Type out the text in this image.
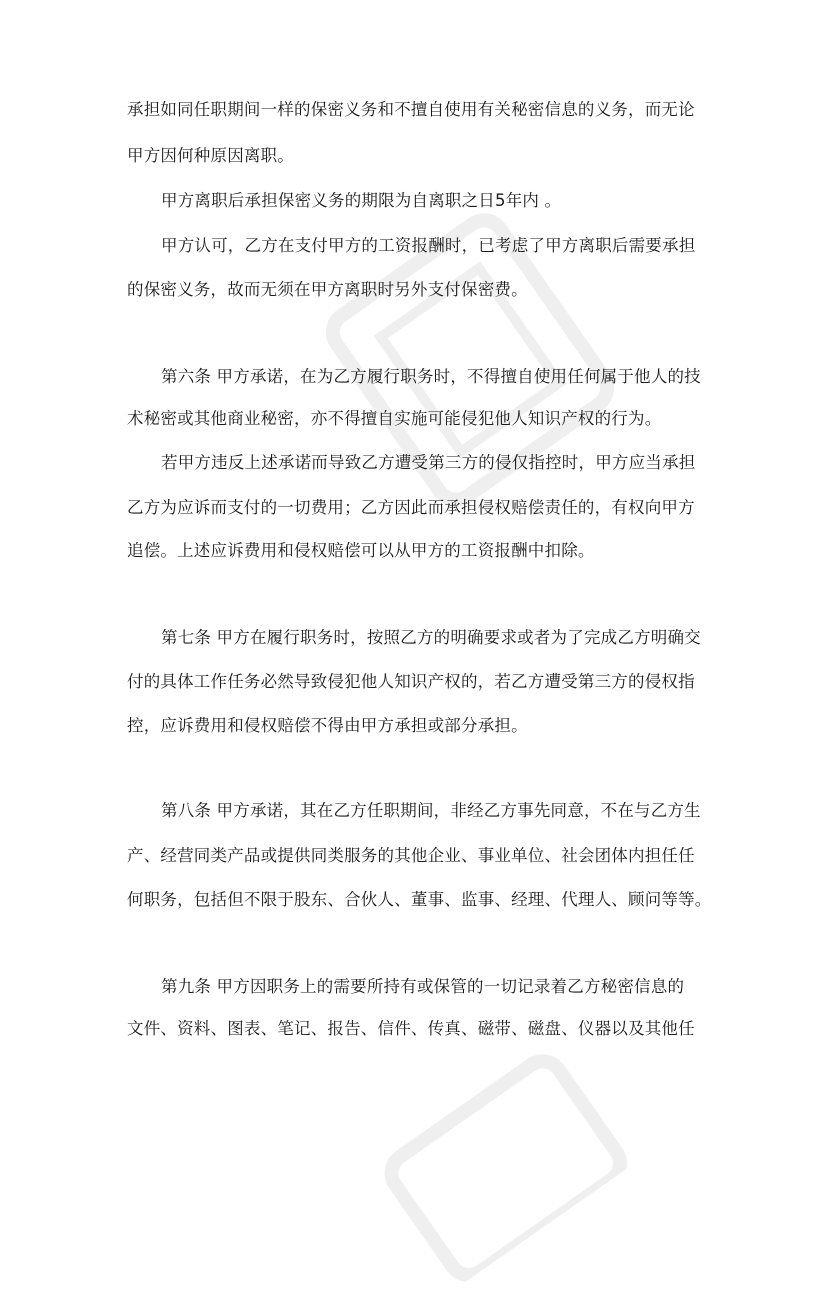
承担如同任职期间一样的保密义务和不擅自使用有关秘密信息的义务，而无论
甲方因何种原因离职。
甲方离职后承担保密义务的期限为自离职之日5年内 。
甲方认可，乙方在支付甲方的工资报酬时，已考虑了甲方离职后需要承担
的保密义务，故而无须在甲方离职时另外支付保密费。
第六条 甲方承诺，在为乙方履行职务时，不得擅自使用任何属于他人的技
术秘密或其他商业秘密，亦不得擅自实施可能侵犯他人知识产权的行为。
若甲方违反上述承诺而导致乙方遭受第三方的侵仅指控时，甲方应当承担
乙方为应诉而支付的一切费用；乙方因此而承担侵权赔偿责任的，有权向甲方
追偿。上述应诉费用和侵权赔偿可以从甲方的工资报酬中扣除。
第七条 甲方在履行职务时，按照乙方的明确要求或者为了完成乙方明确交
付的具体工作任务必然导致侵犯他人知识产权的，若乙方遭受第三方的侵权指
控，应诉费用和侵权赔偿不得由甲方承担或部分承担。
第八条 甲方承诺，其在乙方任职期间，非经乙方事先同意，不在与乙方生
产、经营同类产品或提供同类服务的其他企业、事业单位、社会团体内担任任
何职务，包括但不限于股东、合伙人、董事、监事、经理、代理人、顾问等等。
第九条 甲方因职务上的需要所持有或保管的一切记录着乙方秘密信息的
文件、资料、图表、笔记、报告、信件、传真、磁带、磁盘、仪器以及其他任
